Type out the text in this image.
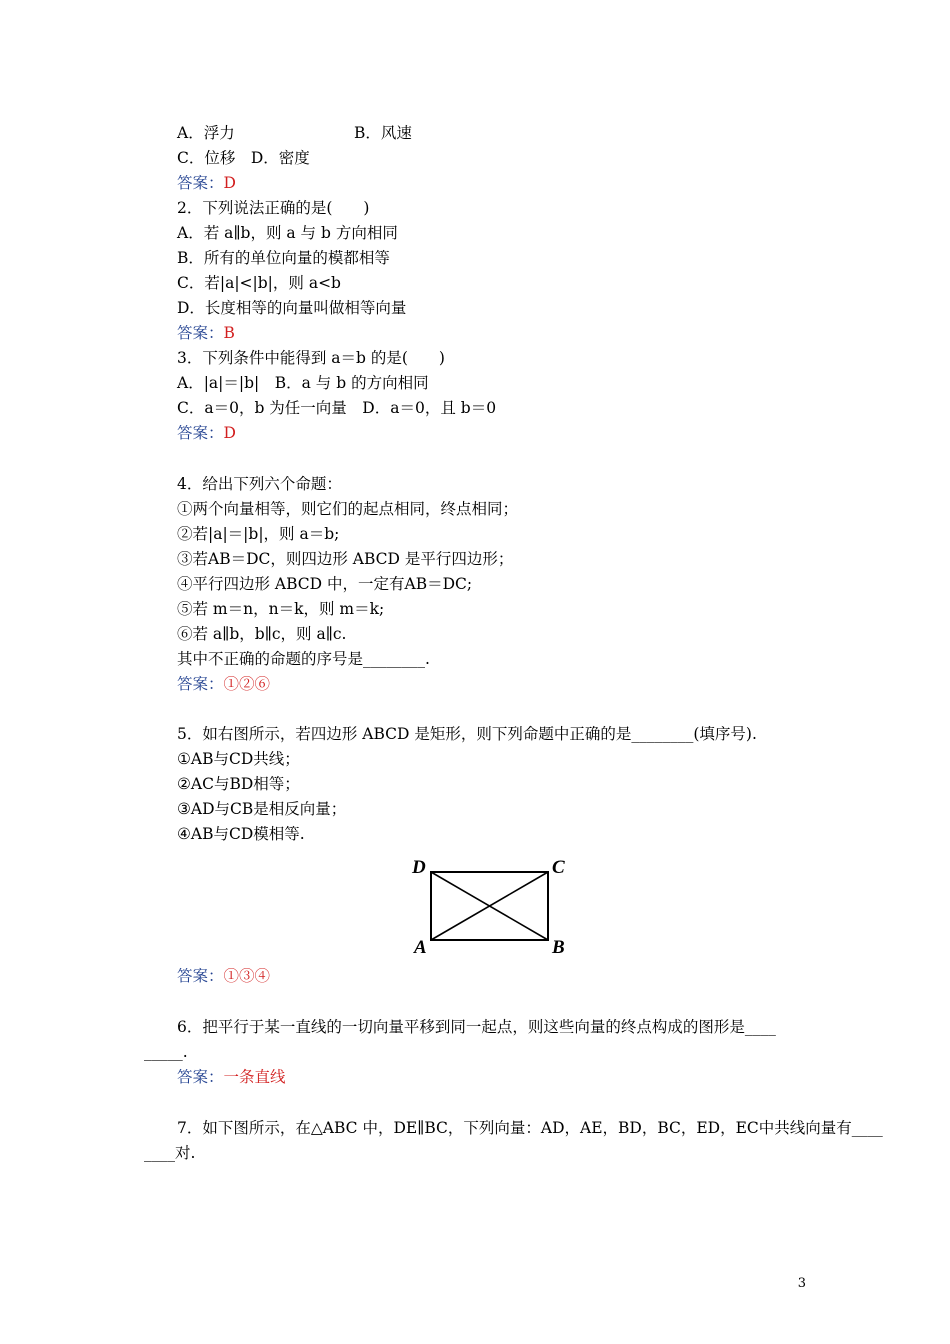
A．浮力	B．风速
C．位移　D．密度
答案：D
2．下列说法正确的是(　　)
A．若 a∥b，则 a 与 b 方向相同
B．所有的单位向量的模都相等
C．若|a|<|b|，则 a<b
D．长度相等的向量叫做相等向量
答案：B
3．下列条件中能得到 a＝b 的是(　　)
A．|a|＝|b|　B．a 与 b 的方向相同
C．a＝0，b 为任一向量　D．a＝0，且 b＝0
答案：D
4．给出下列六个命题：
①两个向量相等，则它们的起点相同，终点相同；
②若|a|＝|b|，则 a＝b;
③若AB＝DC，则四边形 ABCD 是平行四边形；
④平行四边形 ABCD 中，一定有AB＝DC;
⑤若 m＝n，n＝k，则 m＝k;
⑥若 a∥b，b∥c，则 a∥c.
其中不正确的命题的序号是________.
答案：①②⑥
5．如右图所示，若四边形 ABCD 是矩形，则下列命题中正确的是________(填序号).
①AB与CD共线；
②AC与BD相等；
③AD与CB是相反向量；
④AB与CD模相等.
D	C
A	B
答案：①③④
6．把平行于某一直线的一切向量平移到同一起点，则这些向量的终点构成的图形是____
_____.
答案：一条直线
7．如下图所示，在△ABC 中，DE∥BC，下列向量：AD，AE，BD，BC，ED，EC中共线向量有____
____对.
3
